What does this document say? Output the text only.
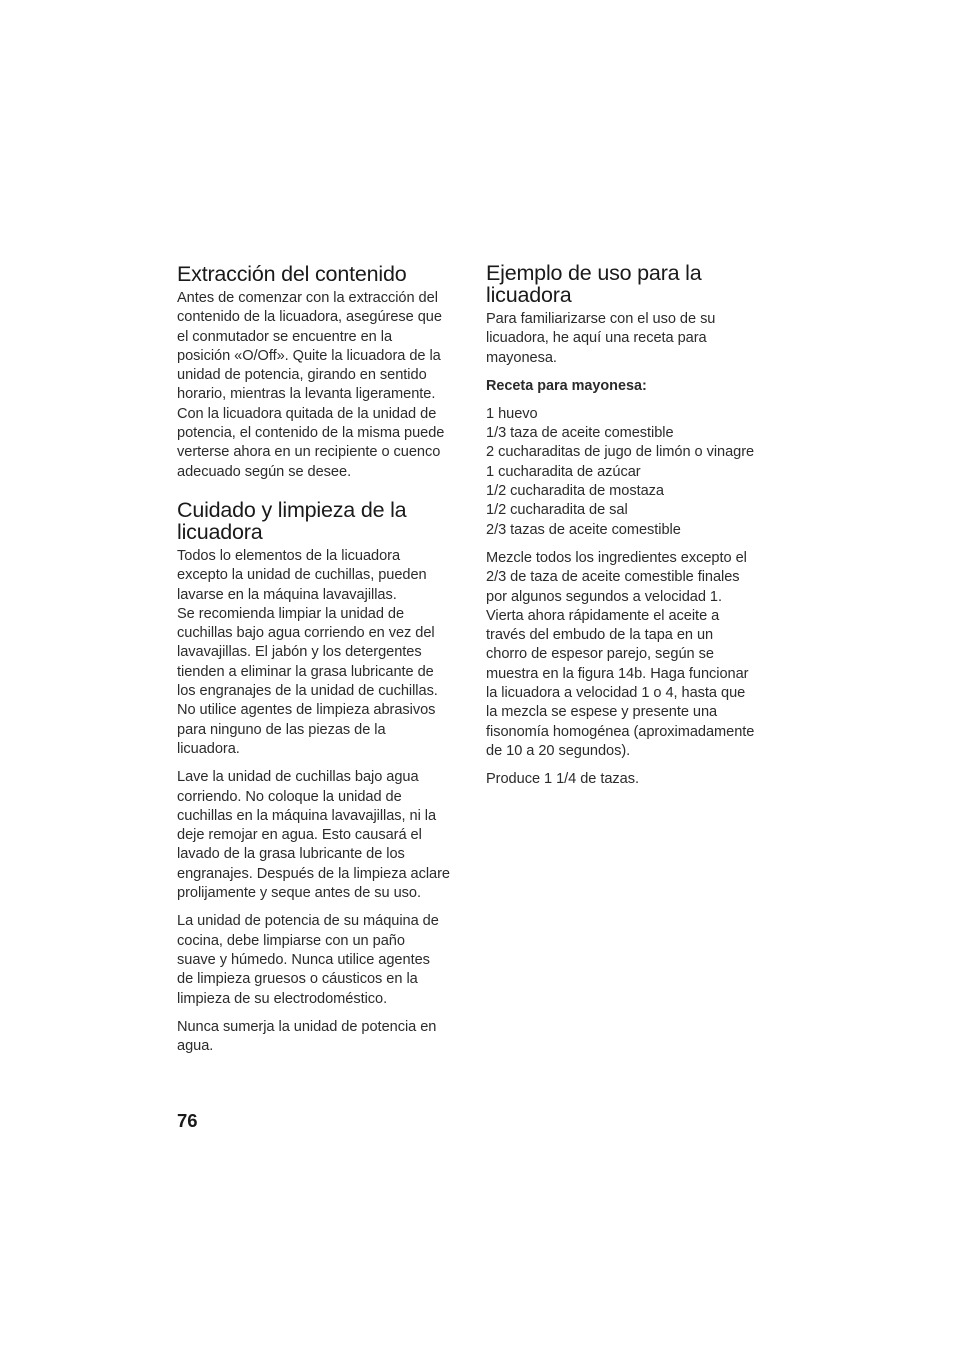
Extracción del contenido

Antes de comenzar con la extracción del
contenido de la licuadora, asegúrese que
el conmutador se encuentre en la
posición «O/Off». Quite la licuadora de la
unidad de potencia, girando en sentido
horario, mientras la levanta ligeramente.
Con la licuadora quitada de la unidad de
potencia, el contenido de la misma puede
verterse ahora en un recipiente o cuenco
adecuado según se desee.

Cuidado y limpieza de la
licuadora

Todos lo elementos de la licuadora
excepto la unidad de cuchillas, pueden
lavarse en la máquina lavavajillas.
Se recomienda limpiar la unidad de
cuchillas bajo agua corriendo en vez del
lavavajillas. El jabón y los detergentes
tienden a eliminar la grasa lubricante de
los engranajes de la unidad de cuchillas.
No utilice agentes de limpieza abrasivos
para ninguno de las piezas de la
licuadora.

Lave la unidad de cuchillas bajo agua
corriendo. No coloque la unidad de
cuchillas en la máquina lavavajillas, ni la
deje remojar en agua. Esto causará el
lavado de la grasa lubricante de los
engranajes. Después de la limpieza aclare
prolijamente y seque antes de su uso.

La unidad de potencia de su máquina de
cocina, debe limpiarse con un paño
suave y húmedo. Nunca utilice agentes
de limpieza gruesos o cáusticos en la
limpieza de su electrodoméstico.

Nunca sumerja la unidad de potencia en
agua.

Ejemplo de uso para la
licuadora

Para familiarizarse con el uso de su
licuadora, he aquí una receta para
mayonesa.

Receta para mayonesa:
1 huevo
1/3 taza de aceite comestible
2 cucharaditas de jugo de limón o vinagre
1 cucharadita de azúcar
1/2 cucharadita de mostaza
1/2 cucharadita de sal
2/3 tazas de aceite comestible

Mezcle todos los ingredientes excepto el
2/3 de taza de aceite comestible finales
por algunos segundos a velocidad 1.
Vierta ahora rápidamente el aceite a
través del embudo de la tapa en un
chorro de espesor parejo, según se
muestra en la figura 14b. Haga funcionar
la licuadora a velocidad 1 o 4, hasta que
la mezcla se espese y presente una
fisonomía homogénea (aproximadamente
de 10 a 20 segundos).

Produce 1 1/4 de tazas.

76
